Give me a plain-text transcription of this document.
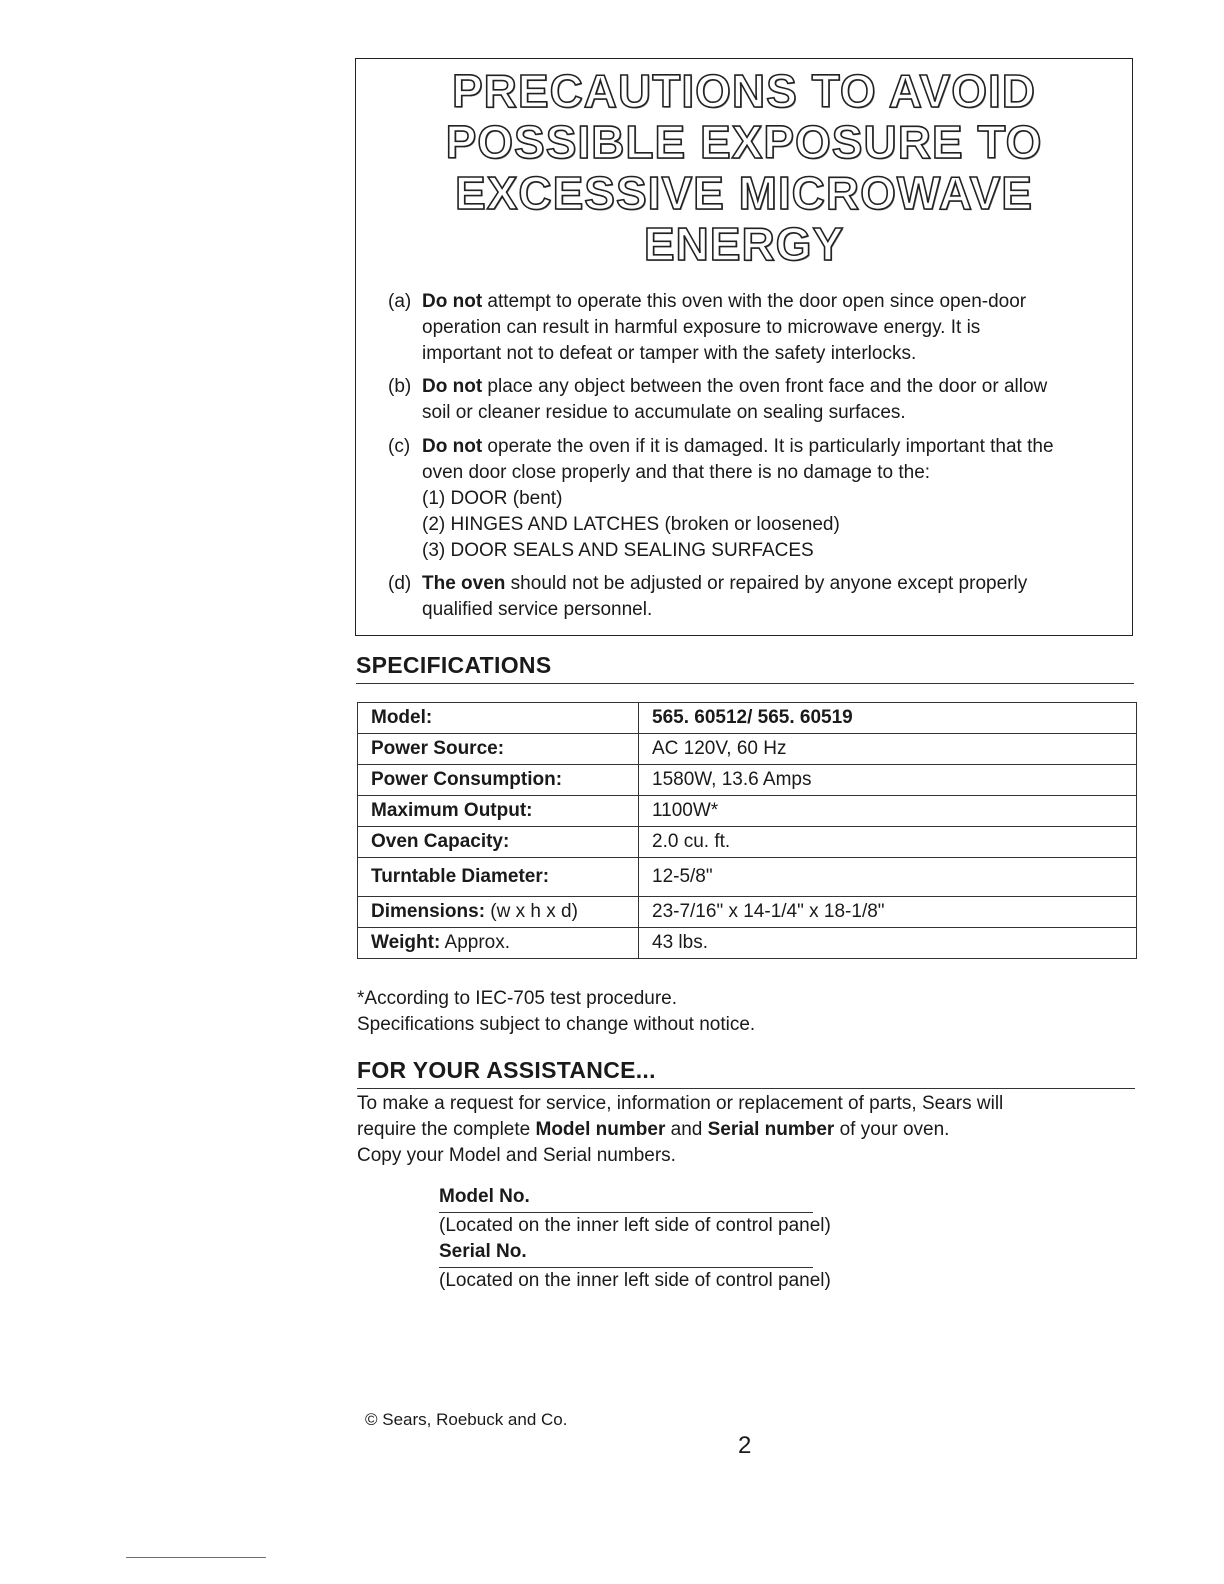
PRECAUTIONS TO AVOID
POSSIBLE EXPOSURE TO
EXCESSIVE MICROWAVE
ENERGY
(a) Do not attempt to operate this oven with the door open since open-door
operation can result in harmful exposure to microwave energy. It is
important not to defeat or tamper with the safety interlocks.
(b) Do not place any object between the oven front face and the door or allow
soil or cleaner residue to accumulate on sealing surfaces.
(c) Do not operate the oven if it is damaged. It is particularly important that the
oven door close properly and that there is no damage to the:
(1) DOOR (bent)
(2) HINGES AND LATCHES (broken or loosened)
(3) DOOR SEALS AND SEALING SURFACES
(d) The oven should not be adjusted or repaired by anyone except properly
qualified service personnel.
SPECIFICATIONS
Model:	565. 60512/ 565. 60519
Power Source:	AC 120V, 60 Hz
Power Consumption:	1580W, 13.6 Amps
Maximum Output:	1100W*
Oven Capacity:	2.0 cu. ft.
Turntable Diameter:	12-5/8"
Dimensions: (w x h x d)	23-7/16" x 14-1/4" x 18-1/8"
Weight: Approx.	43 lbs.
*According to IEC-705 test procedure.
Specifications subject to change without notice.
FOR YOUR ASSISTANCE...
To make a request for service, information or replacement of parts, Sears will
require the complete Model number and Serial number of your oven.
Copy your Model and Serial numbers.
Model No.
(Located on the inner left side of control panel)
Serial No.
(Located on the inner left side of control panel)
© Sears, Roebuck and Co.
2
